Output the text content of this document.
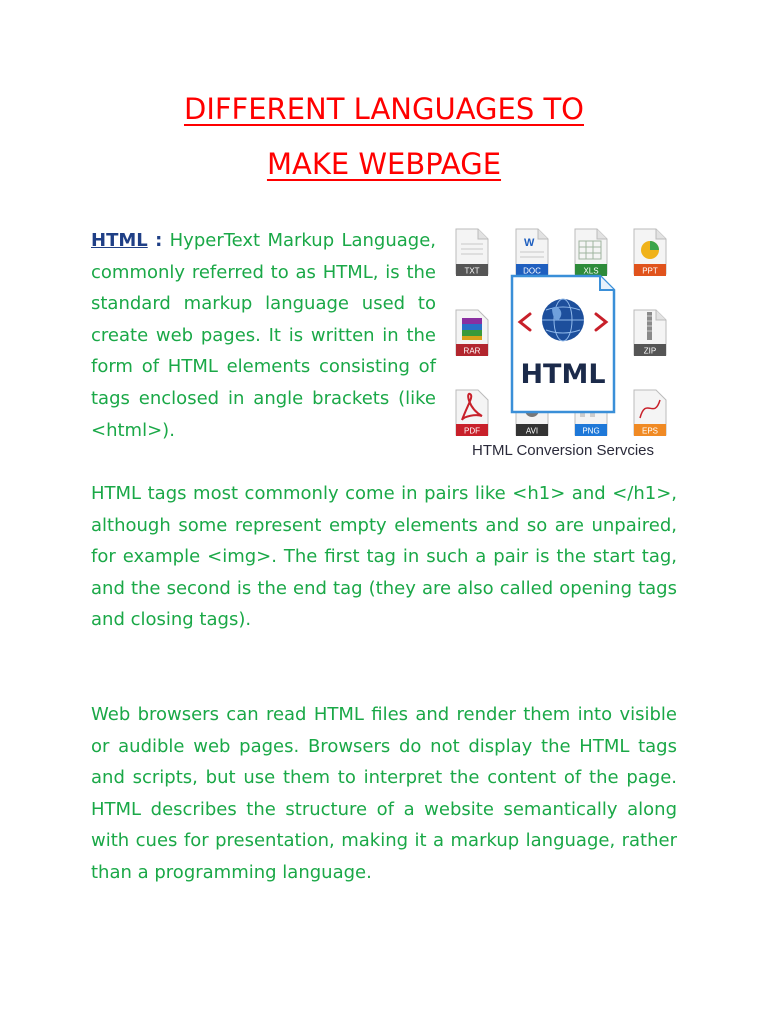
DIFFERENT LANGUAGES TO
MAKE WEBPAGE
HTML : HyperText Markup Language, commonly referred to as HTML, is the standard markup language used to create web pages. It is written in the form of HTML elements consisting of tags enclosed in angle brackets (like <html>).
HTML tags most commonly come in pairs like <h1> and </h1>, although some represent empty elements and so are unpaired, for example <img>. The first tag in such a pair is the start tag, and the second is the end tag (they are also called opening tags and closing tags).
Web browsers can read HTML files and render them into visible or audible web pages. Browsers do not display the HTML tags and scripts, but use them to interpret the content of the page. HTML describes the structure of a website semantically along with cues for presentation, making it a markup language, rather than a programming language.
TXT
W
DOC	XLS	PPT
RAR	ZIP
PDF	AVI	PNG	EPS
HTML
HTML Conversion Servcies
